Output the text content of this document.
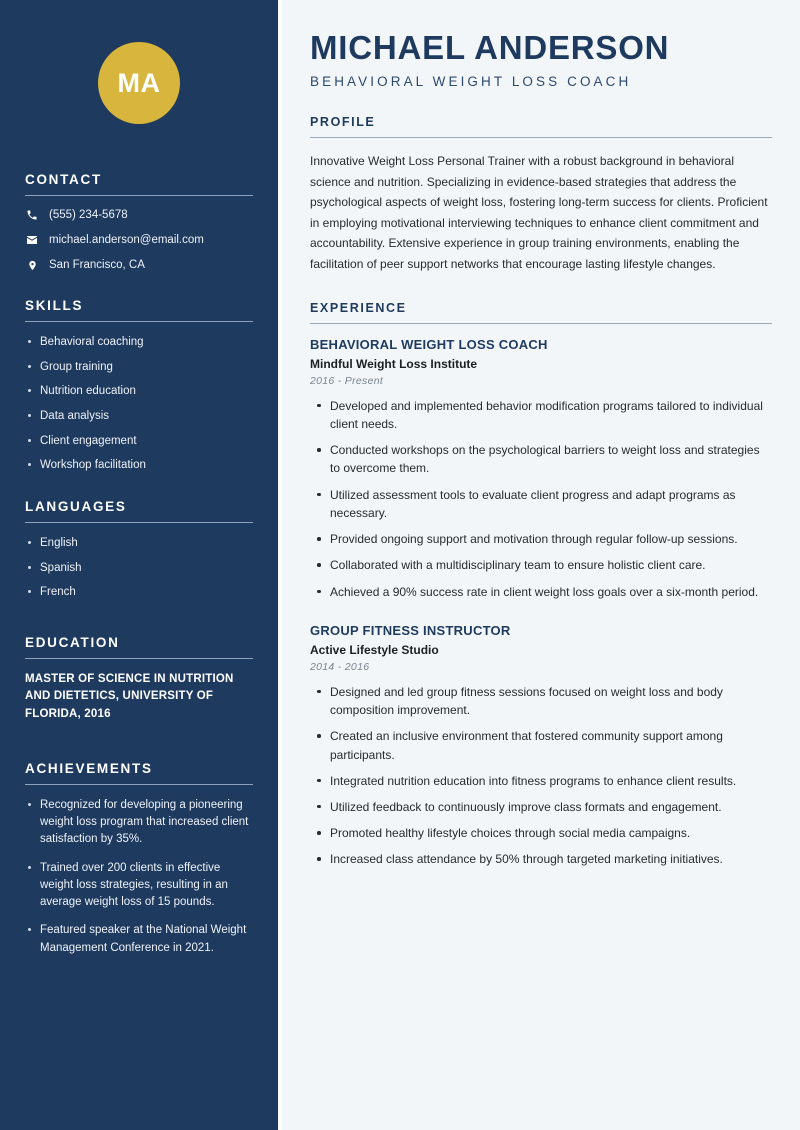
MA
CONTACT
(555) 234-5678
michael.anderson@email.com
San Francisco, CA
SKILLS
Behavioral coaching
Group training
Nutrition education
Data analysis
Client engagement
Workshop facilitation
LANGUAGES
English
Spanish
French
EDUCATION
MASTER OF SCIENCE IN NUTRITION AND DIETETICS, UNIVERSITY OF FLORIDA, 2016
ACHIEVEMENTS
Recognized for developing a pioneering weight loss program that increased client satisfaction by 35%.
Trained over 200 clients in effective weight loss strategies, resulting in an average weight loss of 15 pounds.
Featured speaker at the National Weight Management Conference in 2021.
MICHAEL ANDERSON
BEHAVIORAL WEIGHT LOSS COACH
PROFILE

Innovative Weight Loss Personal Trainer with a robust background in behavioral science and nutrition. Specializing in evidence-based strategies that address the psychological aspects of weight loss, fostering long-term success for clients. Proficient in employing motivational interviewing techniques to enhance client commitment and accountability. Extensive experience in group training environments, enabling the facilitation of peer support networks that encourage lasting lifestyle changes.

EXPERIENCE
BEHAVIORAL WEIGHT LOSS COACH
Mindful Weight Loss Institute
2016 - Present
Developed and implemented behavior modification programs tailored to individual client needs.
Conducted workshops on the psychological barriers to weight loss and strategies to overcome them.
Utilized assessment tools to evaluate client progress and adapt programs as necessary.
Provided ongoing support and motivation through regular follow-up sessions.
Collaborated with a multidisciplinary team to ensure holistic client care.
Achieved a 90% success rate in client weight loss goals over a six-month period.
GROUP FITNESS INSTRUCTOR
Active Lifestyle Studio
2014 - 2016
Designed and led group fitness sessions focused on weight loss and body composition improvement.
Created an inclusive environment that fostered community support among participants.
Integrated nutrition education into fitness programs to enhance client results.
Utilized feedback to continuously improve class formats and engagement.
Promoted healthy lifestyle choices through social media campaigns.
Increased class attendance by 50% through targeted marketing initiatives.
